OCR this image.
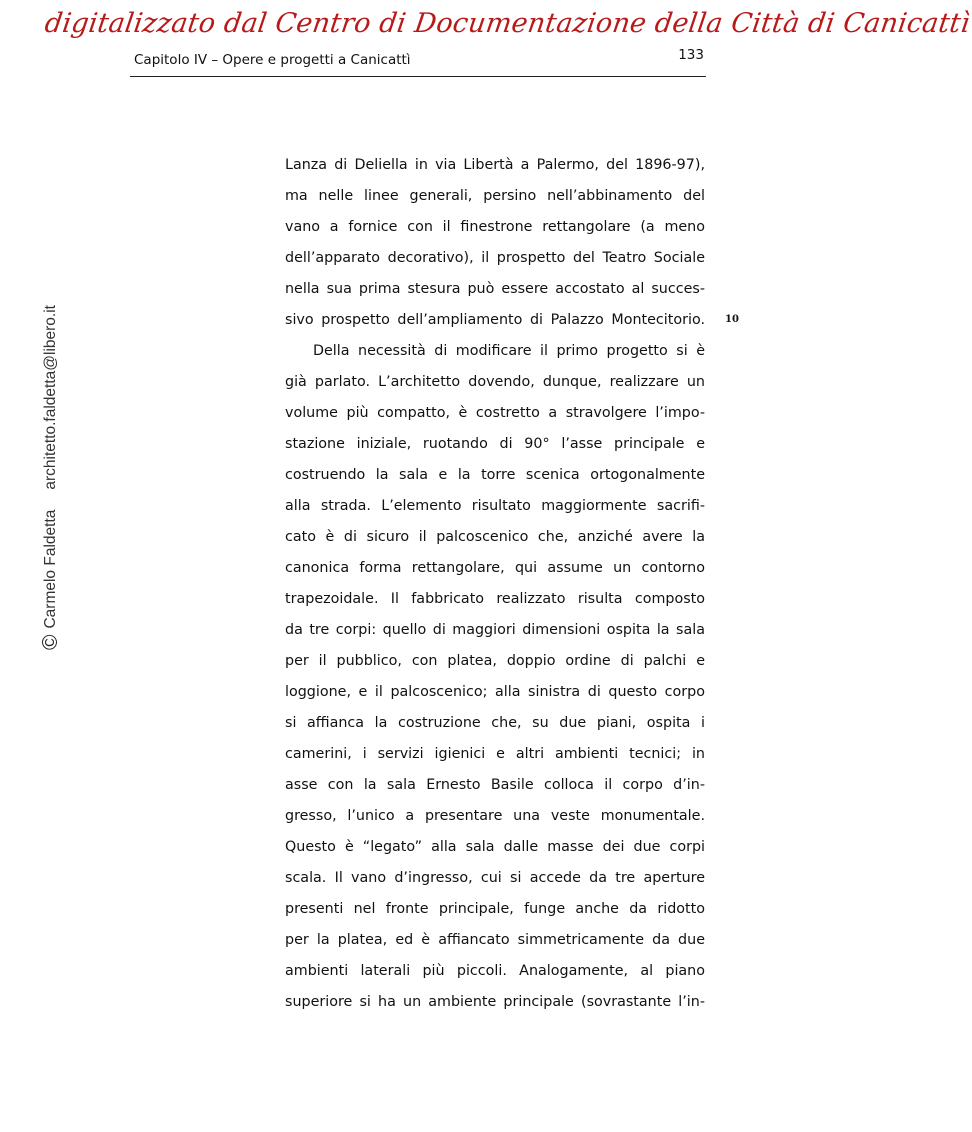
digitalizzato dal Centro di Documentazione della Città di Canicattì
Capitolo IV – Opere e progetti a Canicattì	133
©
Carmelo Faldetta
architetto.faldetta@libero.it	10
Lanza di Deliella in via Libertà a Palermo, del 1896-97),
ma nelle linee generali, persino nell’abbinamento del
vano a fornice con il finestrone rettangolare (a meno
dell’apparato decorativo), il prospetto del Teatro Sociale
nella sua prima stesura può essere accostato al succes-
sivo prospetto dell’ampliamento di Palazzo Montecitorio.
Della necessità di modificare il primo progetto si è
già parlato. L’architetto dovendo, dunque, realizzare un
volume più compatto, è costretto a stravolgere l’impo-
stazione iniziale, ruotando di 90° l’asse principale e
costruendo la sala e la torre scenica ortogonalmente
alla strada. L’elemento risultato maggiormente sacrifi-
cato è di sicuro il palcoscenico che, anziché avere la
canonica forma rettangolare, qui assume un contorno
trapezoidale. Il fabbricato realizzato risulta composto
da tre corpi: quello di maggiori dimensioni ospita la sala
per il pubblico, con platea, doppio ordine di palchi e
loggione, e il palcoscenico; alla sinistra di questo corpo
si affianca la costruzione che, su due piani, ospita i
camerini, i servizi igienici e altri ambienti tecnici; in
asse con la sala Ernesto Basile colloca il corpo d’in-
gresso, l’unico a presentare una veste monumentale.
Questo è “legato” alla sala dalle masse dei due corpi
scala. Il vano d’ingresso, cui si accede da tre aperture
presenti nel fronte principale, funge anche da ridotto
per la platea, ed è affiancato simmetricamente da due
ambienti laterali più piccoli. Analogamente, al piano
superiore si ha un ambiente principale (sovrastante l’in-
